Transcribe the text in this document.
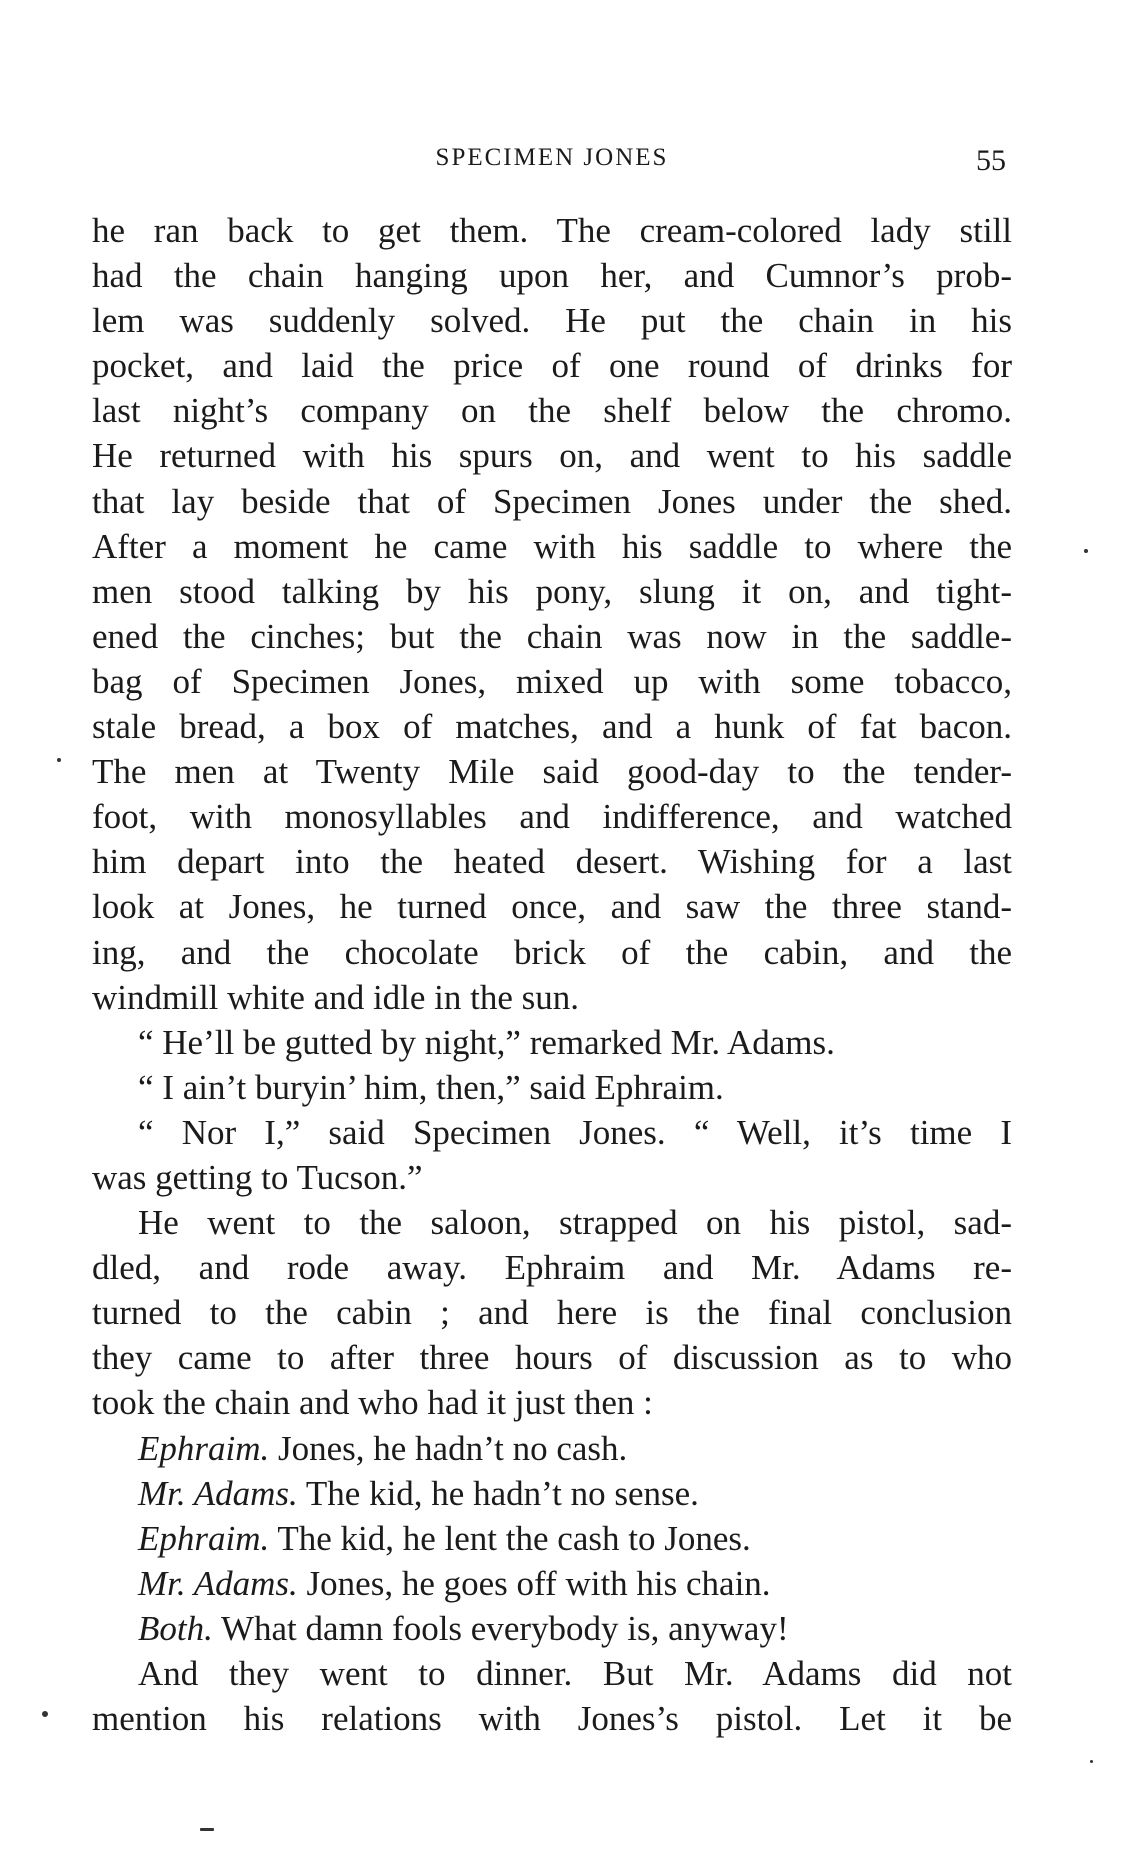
SPECIMEN JONES	55
he ran back to get them. The cream-colored lady still
had the chain hanging upon her, and Cumnor’s prob-
lem was suddenly solved. He put the chain in his
pocket, and laid the price of one round of drinks for
last night’s company on the shelf below the chromo.
He returned with his spurs on, and went to his saddle
that lay beside that of Specimen Jones under the shed.
After a moment he came with his saddle to where the
men stood talking by his pony, slung it on, and tight-
ened the cinches; but the chain was now in the saddle-
bag of Specimen Jones, mixed up with some tobacco,
stale bread, a box of matches, and a hunk of fat bacon.
The men at Twenty Mile said good-day to the tender-
foot, with monosyllables and indifference, and watched
him depart into the heated desert. Wishing for a last
look at Jones, he turned once, and saw the three stand-
ing, and the chocolate brick of the cabin, and the
windmill white and idle in the sun.
“ He’ll be gutted by night,” remarked Mr. Adams.
“ I ain’t buryin’ him, then,” said Ephraim.
“ Nor I,” said Specimen Jones. “ Well, it’s time I
was getting to Tucson.”
He went to the saloon, strapped on his pistol, sad-
dled, and rode away. Ephraim and Mr. Adams re-
turned to the cabin ; and here is the final conclusion
they came to after three hours of discussion as to who
took the chain and who had it just then :
Ephraim. Jones, he hadn’t no cash.
Mr. Adams. The kid, he hadn’t no sense.
Ephraim. The kid, he lent the cash to Jones.
Mr. Adams. Jones, he goes off with his chain.
Both. What damn fools everybody is, anyway!
And they went to dinner. But Mr. Adams did not
mention his relations with Jones’s pistol. Let it be
